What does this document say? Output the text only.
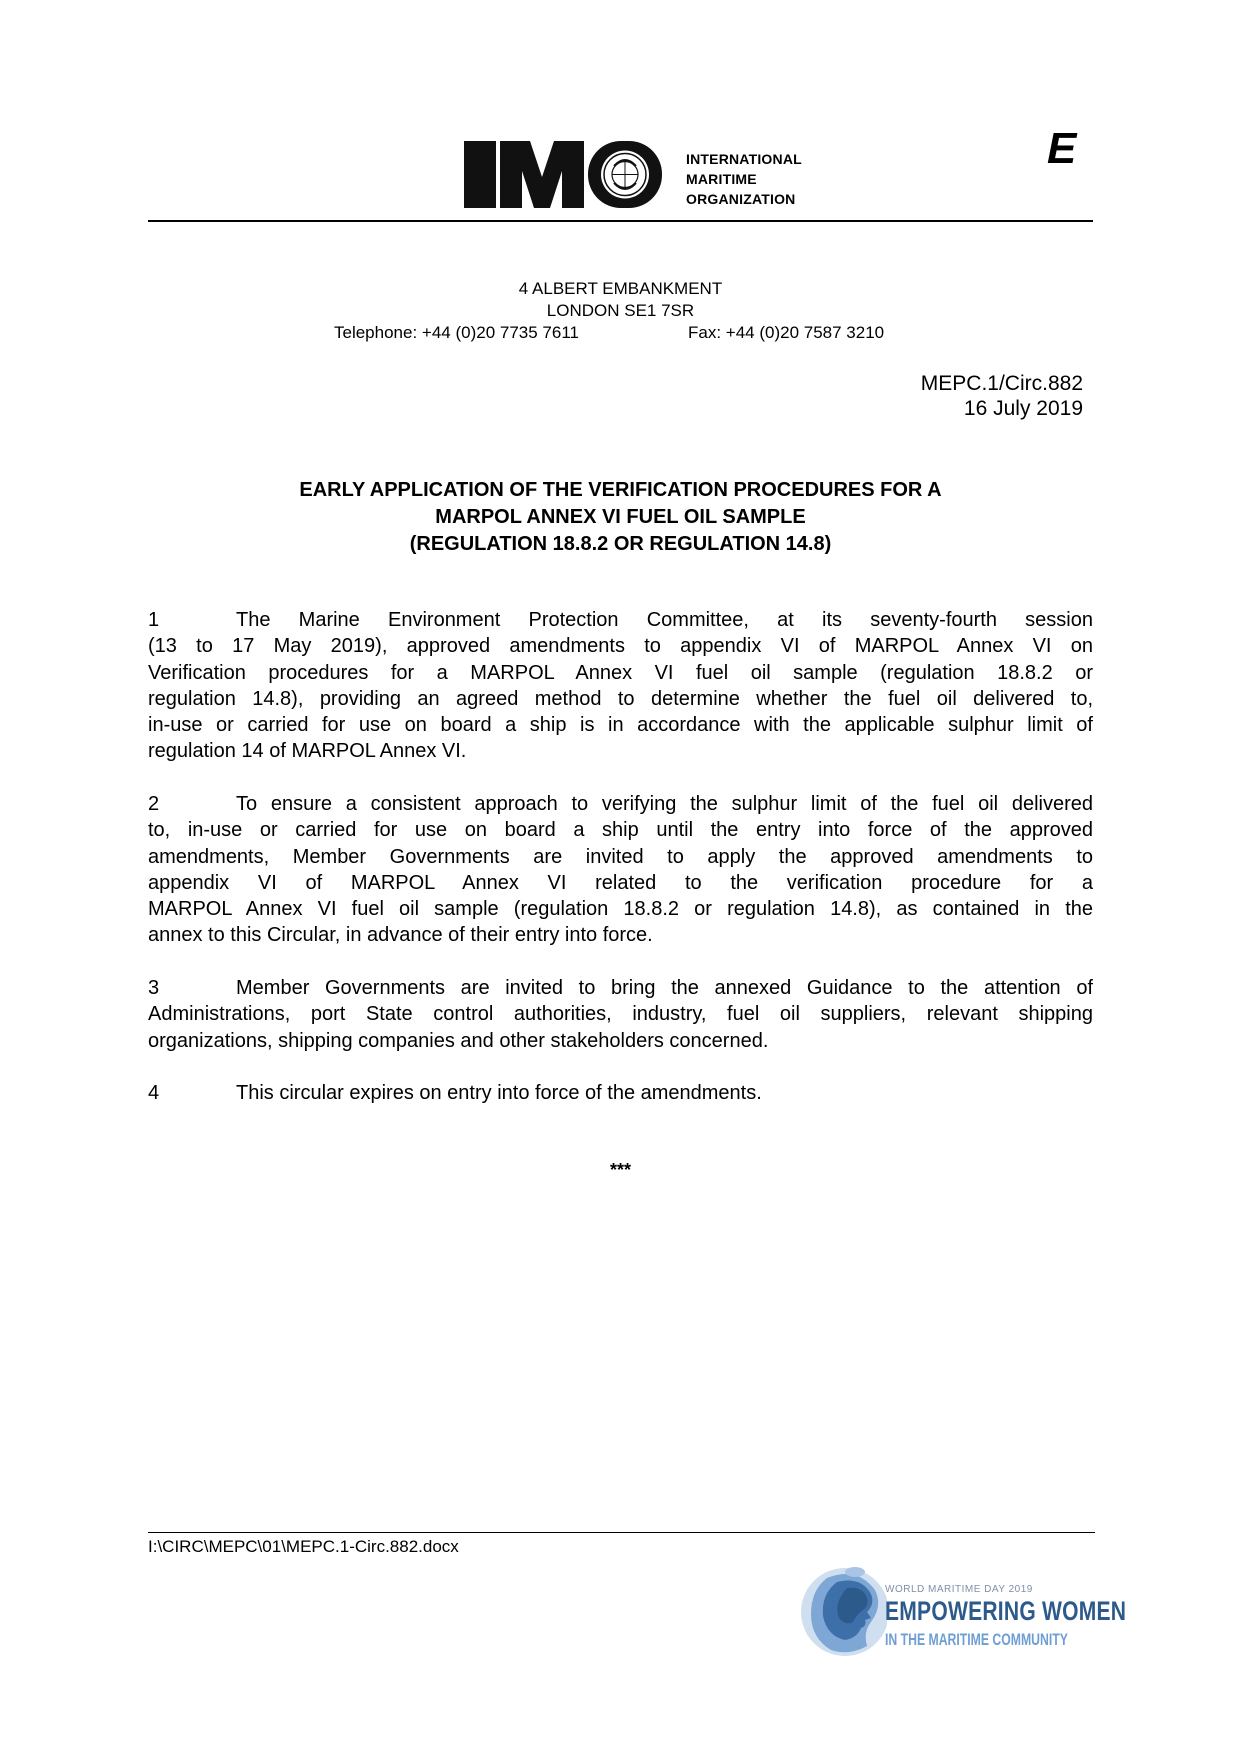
INTERNATIONAL
MARITIME
ORGANIZATION
E
4 ALBERT EMBANKMENT
LONDON SE1 7SR
Telephone: +44 (0)20 7735 7611	Fax: +44 (0)20 7587 3210
MEPC.1/Circ.882
16 July 2019
EARLY APPLICATION OF THE VERIFICATION PROCEDURES FOR A
MARPOL ANNEX VI FUEL OIL SAMPLE
(REGULATION 18.8.2 OR REGULATION 14.8)
1	The Marine Environment Protection Committee, at its seventy-fourth session
(13 to 17 May 2019), approved amendments to appendix VI of MARPOL Annex VI on
Verification procedures for a MARPOL Annex VI fuel oil sample (regulation 18.8.2 or
regulation 14.8), providing an agreed method to determine whether the fuel oil delivered to,
in-use or carried for use on board a ship is in accordance with the applicable sulphur limit of
regulation 14 of MARPOL Annex VI.
2	To ensure a consistent approach to verifying the sulphur limit of the fuel oil delivered
to, in-use or carried for use on board a ship until the entry into force of the approved
amendments, Member Governments are invited to apply the approved amendments to
appendix VI of MARPOL Annex VI related to the verification procedure for a
MARPOL Annex VI fuel oil sample (regulation 18.8.2 or regulation 14.8), as contained in the
annex to this Circular, in advance of their entry into force.
3	Member Governments are invited to bring the annexed Guidance to the attention of
Administrations, port State control authorities, industry, fuel oil suppliers, relevant shipping
organizations, shipping companies and other stakeholders concerned.
4	This circular expires on entry into force of the amendments.
***
I:\CIRC\MEPC\01\MEPC.1-Circ.882.docx
WORLD MARITIME DAY 2019
EMPOWERING WOMEN
IN THE MARITIME COMMUNITY
